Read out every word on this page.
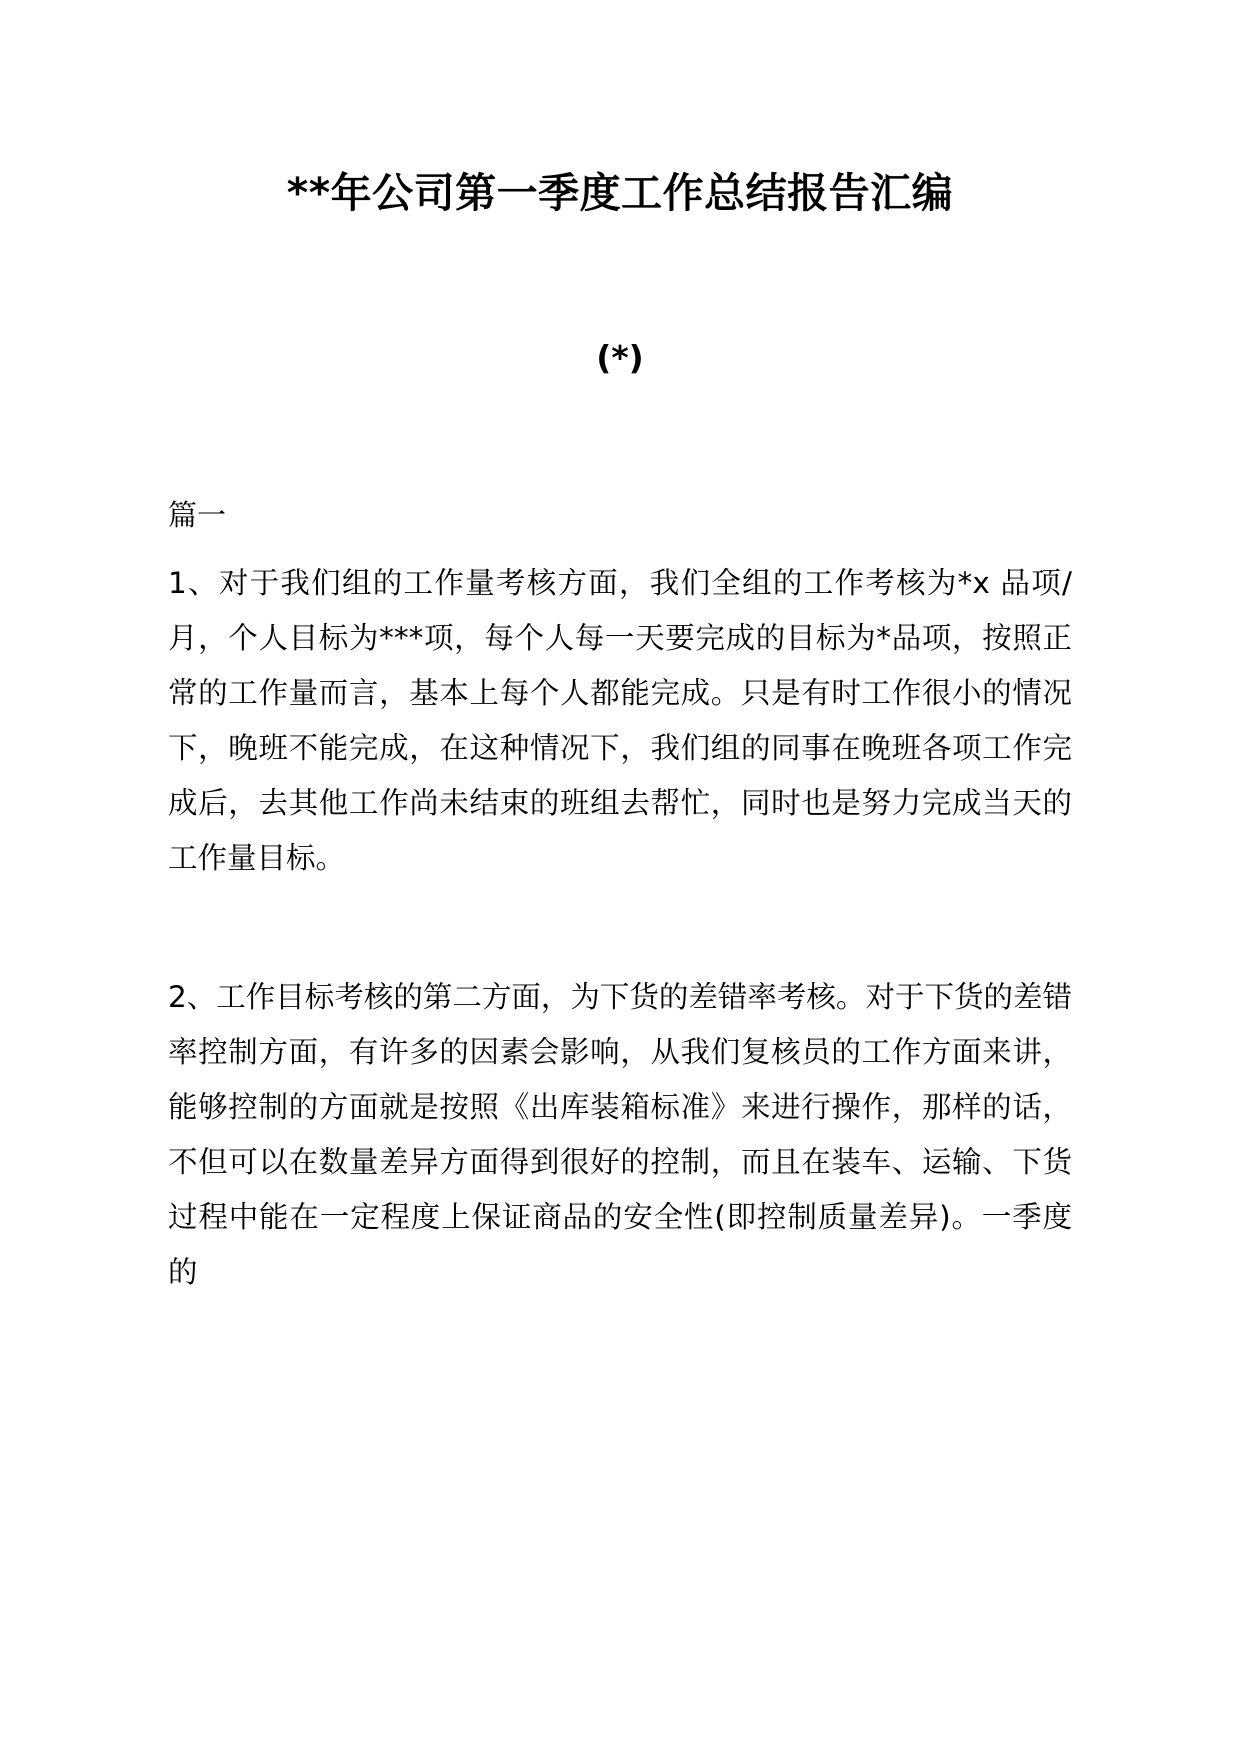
**年公司第一季度工作总结报告汇编
(*)
篇一

1、对于我们组的工作量考核方面，我们全组的工作考核为*x 品项/月，个人目标为***项，每个人每一天要完成的目标为*品项，按照正常的工作量而言，基本上每个人都能完成。只是有时工作很小的情况下，晚班不能完成，在这种情况下，我们组的同事在晚班各项工作完成后，去其他工作尚未结束的班组去帮忙，同时也是努力完成当天的工作量目标。

2、工作目标考核的第二方面，为下货的差错率考核。对于下货的差错率控制方面，有许多的因素会影响，从我们复核员的工作方面来讲，能够控制的方面就是按照《出库装箱标准》来进行操作，那样的话，不但可以在数量差异方面得到很好的控制，而且在装车、运输、下货过程中能在一定程度上保证商品的安全性(即控制质量差异)。一季度的
